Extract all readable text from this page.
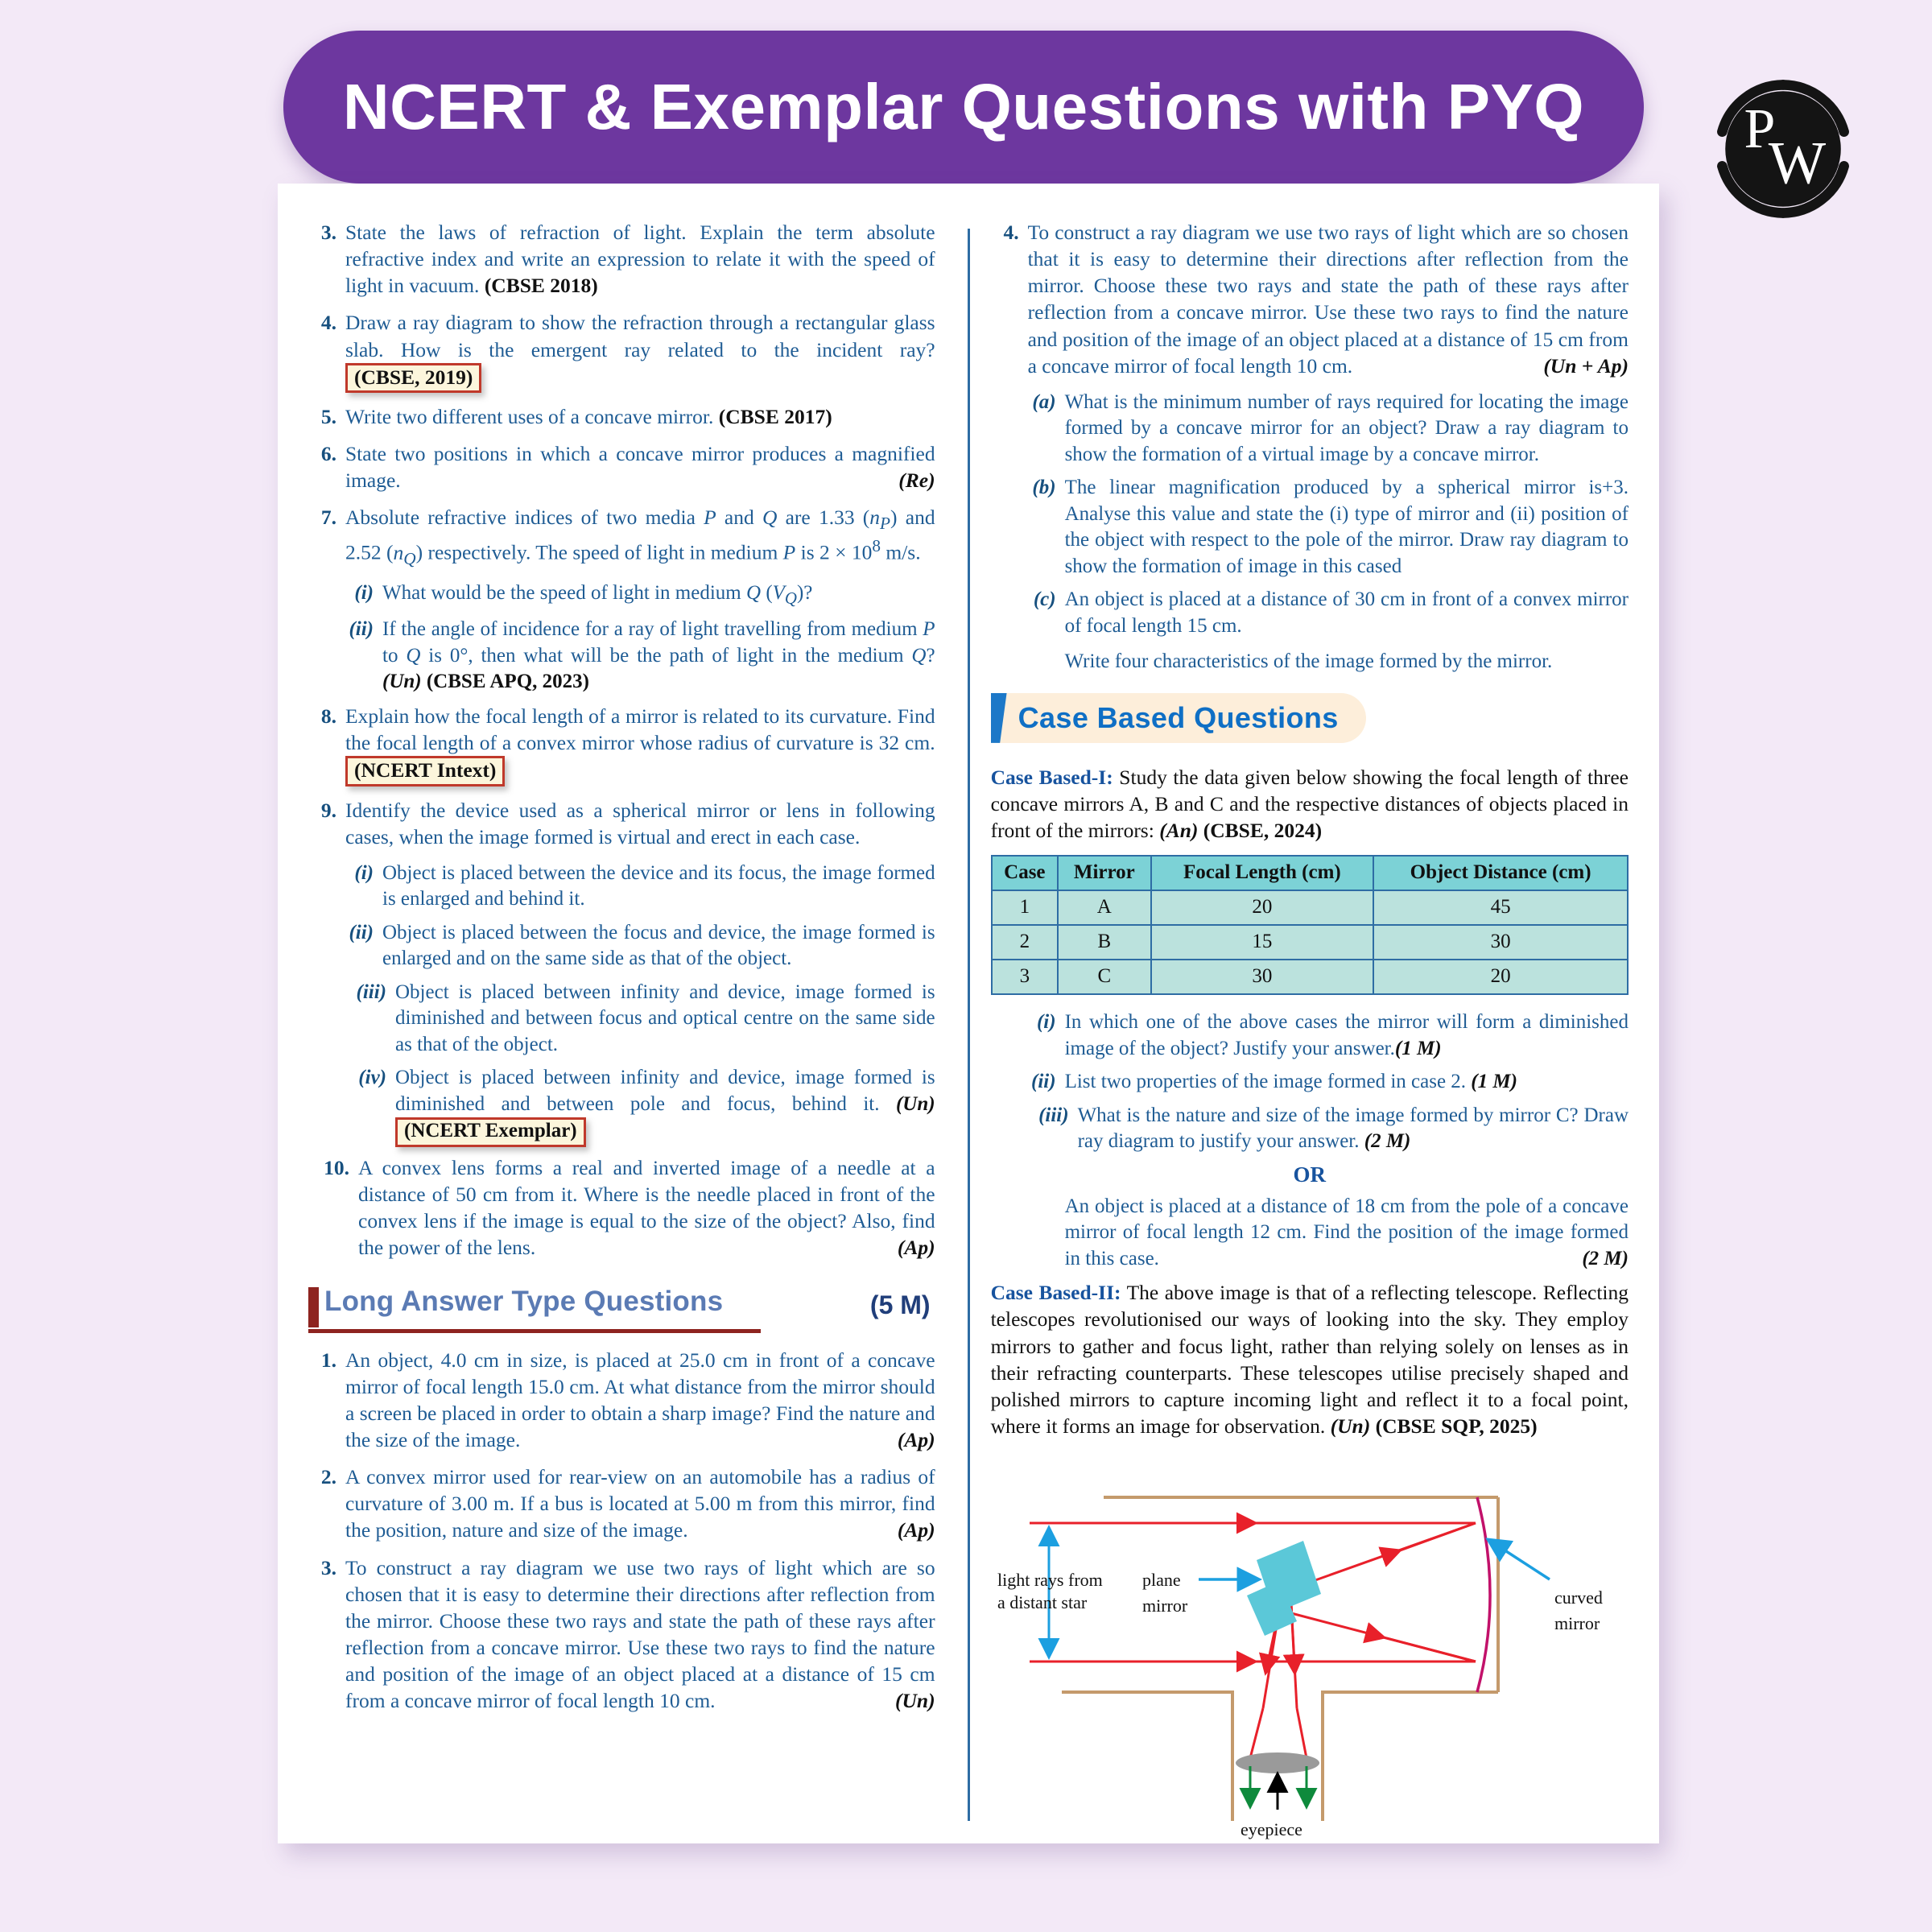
NCERT & Exemplar Questions with PYQ	P
W
3. State the laws of refraction of light. Explain the term absolute refractive index and write an expression to relate it with the speed of light in vacuum. (CBSE 2018)
4. Draw a ray diagram to show the refraction through a rectangular glass slab. How is the emergent ray related to the incident ray? (CBSE, 2019)
5. Write two different uses of a concave mirror. (CBSE 2017)
6. State two positions in which a concave mirror produces a magnified image.	(Re)
7. Absolute refractive indices of two media P and Q are 1.33 $(n_P)$ and 2.52 $(n_Q)$ respectively. The speed of light in medium P is $2 \times 10^8$ m/s.
(i) What would be the speed of light in medium Q $(V_Q)$?
(ii) If the angle of incidence for a ray of light travelling from medium P to Q is 0°, then what will be the path of light in the medium Q? (Un) (CBSE APQ, 2023)
8. Explain how the focal length of a mirror is related to its curvature. Find the focal length of a convex mirror whose radius of curvature is 32 cm. (NCERT Intext)
9. Identify the device used as a spherical mirror or lens in following cases, when the image formed is virtual and erect in each case.
(i) Object is placed between the device and its focus, the image formed is enlarged and behind it.
(ii) Object is placed between the focus and device, the image formed is enlarged and on the same side as that of the object.
(iii) Object is placed between infinity and device, image formed is diminished and between focus and optical centre on the same side as that of the object.
(iv) Object is placed between infinity and device, image formed is diminished and between pole and focus, behind it. (Un) (NCERT Exemplar)
10. A convex lens forms a real and inverted image of a needle at a distance of 50 cm from it. Where is the needle placed in front of the convex lens if the image is equal to the size of the object? Also, find the power of the lens.	(Ap)
Long Answer Type Questions	(5 M)
1. An object, 4.0 cm in size, is placed at 25.0 cm in front of a concave mirror of focal length 15.0 cm. At what distance from the mirror should a screen be placed in order to obtain a sharp image? Find the nature and the size of the image.	(Ap)
2. A convex mirror used for rear-view on an automobile has a radius of curvature of 3.00 m. If a bus is located at 5.00 m from this mirror, find the position, nature and size of the image.	(Ap)
3. To construct a ray diagram we use two rays of light which are so chosen that it is easy to determine their directions after reflection from the mirror. Choose these two rays and state the path of these rays after reflection from a concave mirror. Use these two rays to find the nature and position of the image of an object placed at a distance of 15 cm from a concave mirror of focal length 10 cm.	(Un)
4. To construct a ray diagram we use two rays of light which are so chosen that it is easy to determine their directions after reflection from the mirror. Choose these two rays and state the path of these rays after reflection from a concave mirror. Use these two rays to find the nature and position of the image of an object placed at a distance of 15 cm from a concave mirror of focal length 10 cm.	(Un + Ap)
(a) What is the minimum number of rays required for locating the image formed by a concave mirror for an object? Draw a ray diagram to show the formation of a virtual image by a concave mirror.
(b) The linear magnification produced by a spherical mirror is+3. Analyse this value and state the (i) type of mirror and (ii) position of the object with respect to the pole of the mirror. Draw ray diagram to show the formation of image in this cased
(c) An object is placed at a distance of 30 cm in front of a convex mirror of focal length 15 cm.
Write four characteristics of the image formed by the mirror.
Case Based Questions
Case Based-I: Study the data given below showing the focal length of three concave mirrors A, B and C and the respective distances of objects placed in front of the mirrors: (An) (CBSE, 2024)
Case	Mirror	Focal Length (cm)	Object Distance (cm)
1	A	20	45
2	B	15	30
3	C	30	20
(i) In which one of the above cases the mirror will form a diminished image of the object? Justify your answer.(1 M)
(ii) List two properties of the image formed in case 2. (1 M)
(iii) What is the nature and size of the image formed by mirror C? Draw ray diagram to justify your answer. (2 M)
OR
An object is placed at a distance of 18 cm from the pole of a concave mirror of focal length 12 cm. Find the position of the image formed in this case.	(2 M)
Case Based-II: The above image is that of a reflecting telescope. Reflecting telescopes revolutionised our ways of looking into the sky. They employ mirrors to gather and focus light, rather than relying solely on lenses as in their refracting counterparts. These telescopes utilise precisely shaped and polished mirrors to capture incoming light and reflect it to a focal point, where it forms an image for observation. (Un) (CBSE SQP, 2025)
light rays from
a distant star
plane
mirror	curved
mirror
eyepiece
